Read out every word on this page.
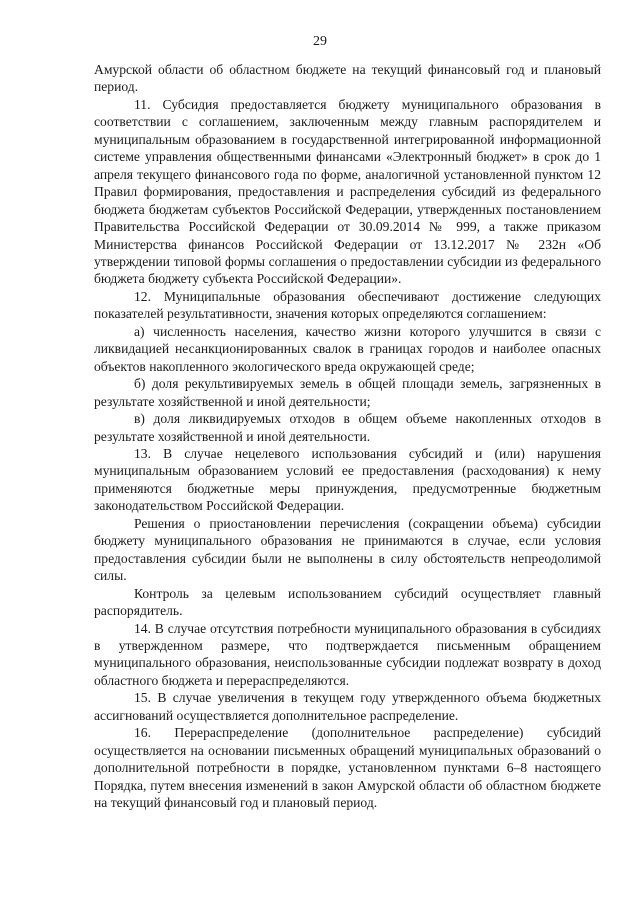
29

Амурской области об областном бюджете на текущий финансовый год и плановый период.

11. Субсидия предоставляется бюджету муниципального образования в соответствии с соглашением, заключенным между главным распорядителем и муниципальным образованием в государственной интегрированной информационной системе управления общественными финансами «Электронный бюджет» в срок до 1 апреля текущего финансового года по форме, аналогичной установленной пунктом 12 Правил формирования, предоставления и распределения субсидий из федерального бюджета бюджетам субъектов Российской Федерации, утвержденных постановлением Правительства Российской Федерации от 30.09.2014 № 999, а также приказом Министерства финансов Российской Федерации от 13.12.2017 № 232н «Об утверждении типовой формы соглашения о предоставлении субсидии из федерального бюджета бюджету субъекта Российской Федерации».

12. Муниципальные образования обеспечивают достижение следующих показателей результативности, значения которых определяются соглашением:

а) численность населения, качество жизни которого улучшится в связи с ликвидацией несанкционированных свалок в границах городов и наиболее опасных объектов накопленного экологического вреда окружающей среде;

б) доля рекультивируемых земель в общей площади земель, загрязненных в результате хозяйственной и иной деятельности;

в) доля ликвидируемых отходов в общем объеме накопленных отходов в результате хозяйственной и иной деятельности.

13. В случае нецелевого использования субсидий и (или) нарушения муниципальным образованием условий ее предоставления (расходования) к нему применяются бюджетные меры принуждения, предусмотренные бюджетным законодательством Российской Федерации.

Решения о приостановлении перечисления (сокращении объема) субсидии бюджету муниципального образования не принимаются в случае, если условия предоставления субсидии были не выполнены в силу обстоятельств непреодолимой силы.

Контроль за целевым использованием субсидий осуществляет главный распорядитель.

14. В случае отсутствия потребности муниципального образования в субсидиях в утвержденном размере, что подтверждается письменным обращением муниципального образования, неиспользованные субсидии подлежат возврату в доход областного бюджета и перераспределяются.

15. В случае увеличения в текущем году утвержденного объема бюджетных ассигнований осуществляется дополнительное распределение.

16. Перераспределение (дополнительное распределение) субсидий осуществляется на основании письменных обращений муниципальных образований о дополнительной потребности в порядке, установленном пунктами 6–8 настоящего Порядка, путем внесения изменений в закон Амурской области об областном бюджете на текущий финансовый год и плановый период.
